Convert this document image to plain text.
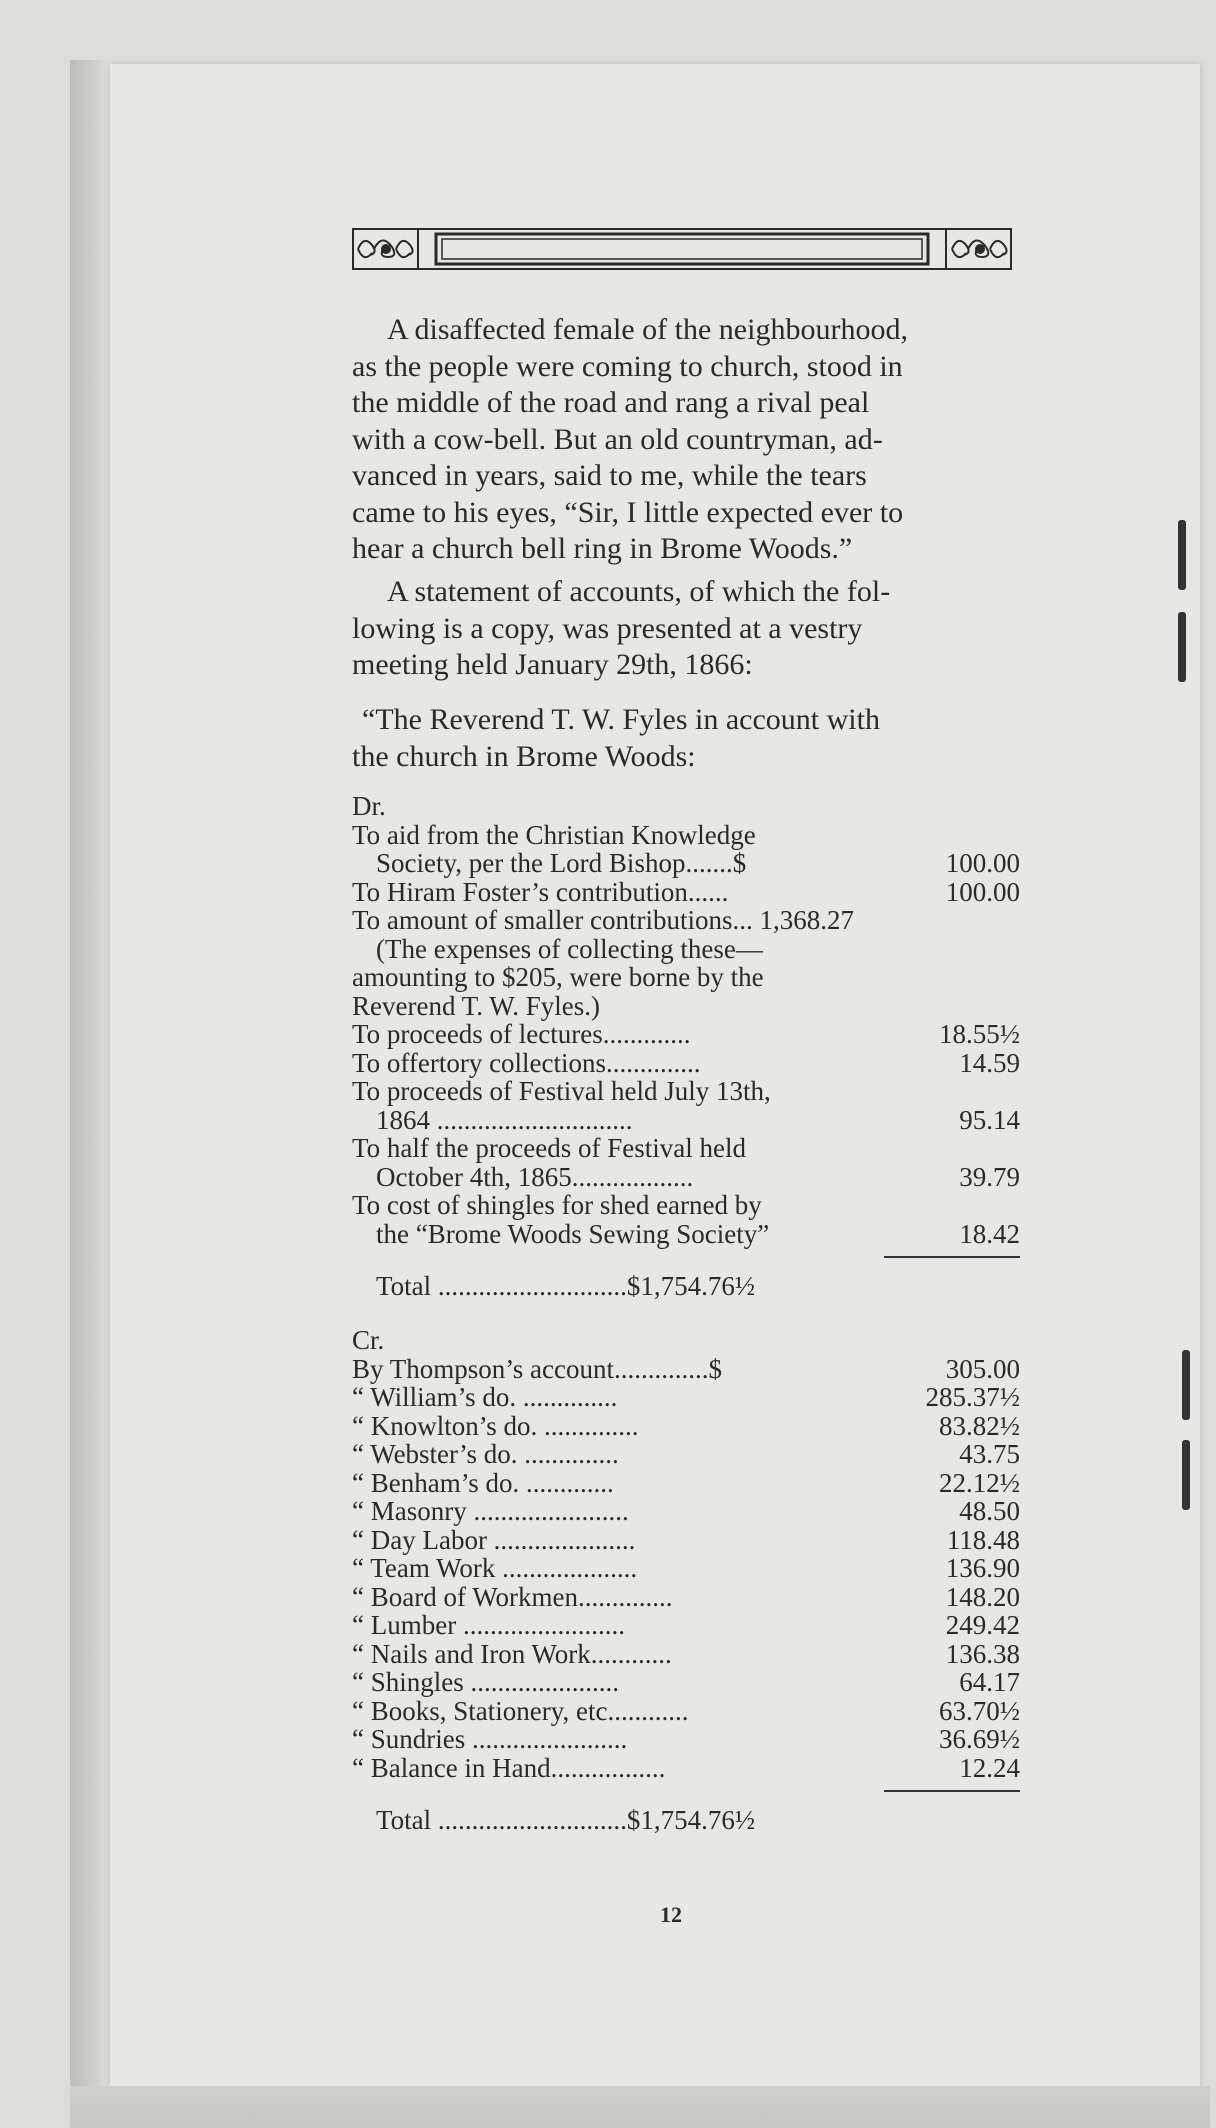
A disaffected female of the neighbourhood,
as the people were coming to church, stood in
the middle of the road and rang a rival peal
with a cow-bell. But an old countryman, ad-
vanced in years, said to me, while the tears
came to his eyes, “Sir, I little expected ever to
hear a church bell ring in Brome Woods.”
A statement of accounts, of which the fol-
lowing is a copy, was presented at a vestry
meeting held January 29th, 1866:
“The Reverend T. W. Fyles in account with
the church in Brome Woods:
Dr.
To aid from the Christian Knowledge
Society, per the Lord Bishop.......$	100.00
To Hiram Foster’s contribution......	100.00
To amount of smaller contributions... 1,368.27
(The expenses of collecting these—
amounting to $205, were borne by the
Reverend T. W. Fyles.)
To proceeds of lectures.............	18.55½
To offertory collections..............	14.59
To proceeds of Festival held July 13th,
1864 .............................	95.14
To half the proceeds of Festival held
October 4th, 1865..................	39.79
To cost of shingles for shed earned by
the “Brome Woods Sewing Society”	18.42
Total ............................$1,754.76½
Cr.
By Thompson’s account..............$	305.00
“ William’s do. ..............	285.37½
“ Knowlton’s do. ..............	83.82½
“ Webster’s do. ..............	43.75
“ Benham’s do. .............	22.12½
“ Masonry .......................	48.50
“ Day Labor .....................	118.48
“ Team Work ....................	136.90
“ Board of Workmen..............	148.20
“ Lumber ........................	249.42
“ Nails and Iron Work............	136.38
“ Shingles ......................	64.17
“ Books, Stationery, etc............	63.70½
“ Sundries .......................	36.69½
“ Balance in Hand.................	12.24
Total ............................$1,754.76½
12
